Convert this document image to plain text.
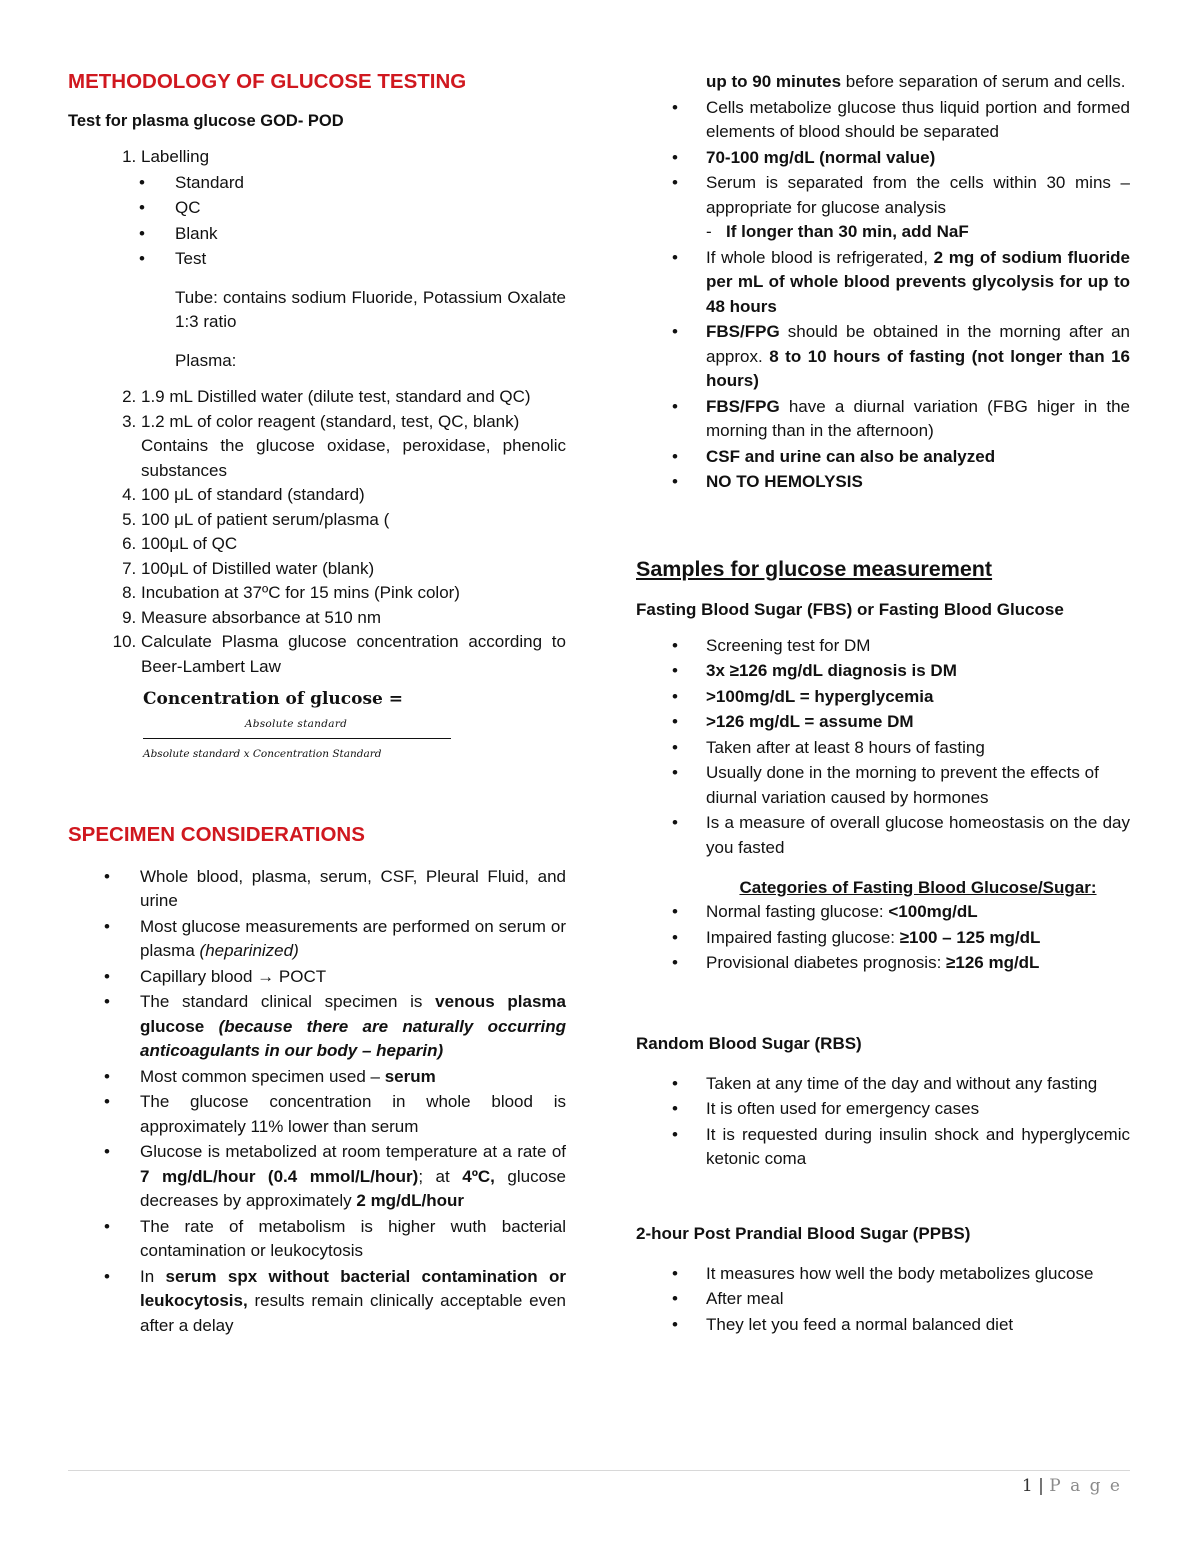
METHODOLOGY OF GLUCOSE TESTING
Test for plasma glucose GOD- POD
1. Labelling
• Standard
• QC
• Blank
• Test
Tube: contains sodium Fluoride, Potassium Oxalate 1:3 ratio
Plasma:
2. 1.9 mL Distilled water (dilute test, standard and QC)
3. 1.2 mL of color reagent (standard, test, QC, blank)
Contains the glucose oxidase, peroxidase, phenolic substances
4. 100 μL of standard (standard)
5. 100 μL of patient serum/plasma (
6. 100μL of QC
7. 100μL of Distilled water (blank)
8. Incubation at 37ºC for 15 mins (Pink color)
9. Measure absorbance at 510 nm
10. Calculate Plasma glucose concentration according to Beer-Lambert Law
Concentration of glucose =
Absolute standard
Absolute standard x Concentration Standard
SPECIMEN CONSIDERATIONS
• Whole blood, plasma, serum, CSF, Pleural Fluid, and urine
• Most glucose measurements are performed on serum or plasma (heparinized)
• Capillary blood → POCT
• The standard clinical specimen is venous plasma glucose (because there are naturally occurring anticoagulants in our body – heparin)
• Most common specimen used – serum
• The glucose concentration in whole blood is approximately 11% lower than serum
• Glucose is metabolized at room temperature at a rate of 7 mg/dL/hour (0.4 mmol/L/hour); at 4ºC, glucose decreases by approximately 2 mg/dL/hour
• The rate of metabolism is higher wuth bacterial contamination or leukocytosis
• In serum spx without bacterial contamination or leukocytosis, results remain clinically acceptable even after a delay
up to 90 minutes before separation of serum and cells.
• Cells metabolize glucose thus liquid portion and formed elements of blood should be separated
• 70-100 mg/dL (normal value)
• Serum is separated from the cells within 30 mins – appropriate for glucose analysis
- If longer than 30 min, add NaF
• If whole blood is refrigerated, 2 mg of sodium fluoride per mL of whole blood prevents glycolysis for up to 48 hours
• FBS/FPG should be obtained in the morning after an approx. 8 to 10 hours of fasting (not longer than 16 hours)
• FBS/FPG have a diurnal variation (FBG higer in the morning than in the afternoon)
• CSF and urine can also be analyzed
• NO TO HEMOLYSIS
Samples for glucose measurement
Fasting Blood Sugar (FBS) or Fasting Blood Glucose
• Screening test for DM
• 3x ≥126 mg/dL diagnosis is DM
• >100mg/dL = hyperglycemia
• >126 mg/dL = assume DM
• Taken after at least 8 hours of fasting
• Usually done in the morning to prevent the effects of diurnal variation caused by hormones
• Is a measure of overall glucose homeostasis on the day you fasted
Categories of Fasting Blood Glucose/Sugar:
• Normal fasting glucose: <100mg/dL
• Impaired fasting glucose: ≥100 – 125 mg/dL
• Provisional diabetes prognosis: ≥126 mg/dL
Random Blood Sugar (RBS)
• Taken at any time of the day and without any fasting
• It is often used for emergency cases
• It is requested during insulin shock and hyperglycemic ketonic coma
2-hour Post Prandial Blood Sugar (PPBS)
• It measures how well the body metabolizes glucose
• After meal
• They let you feed a normal balanced diet
1 | P a g e
